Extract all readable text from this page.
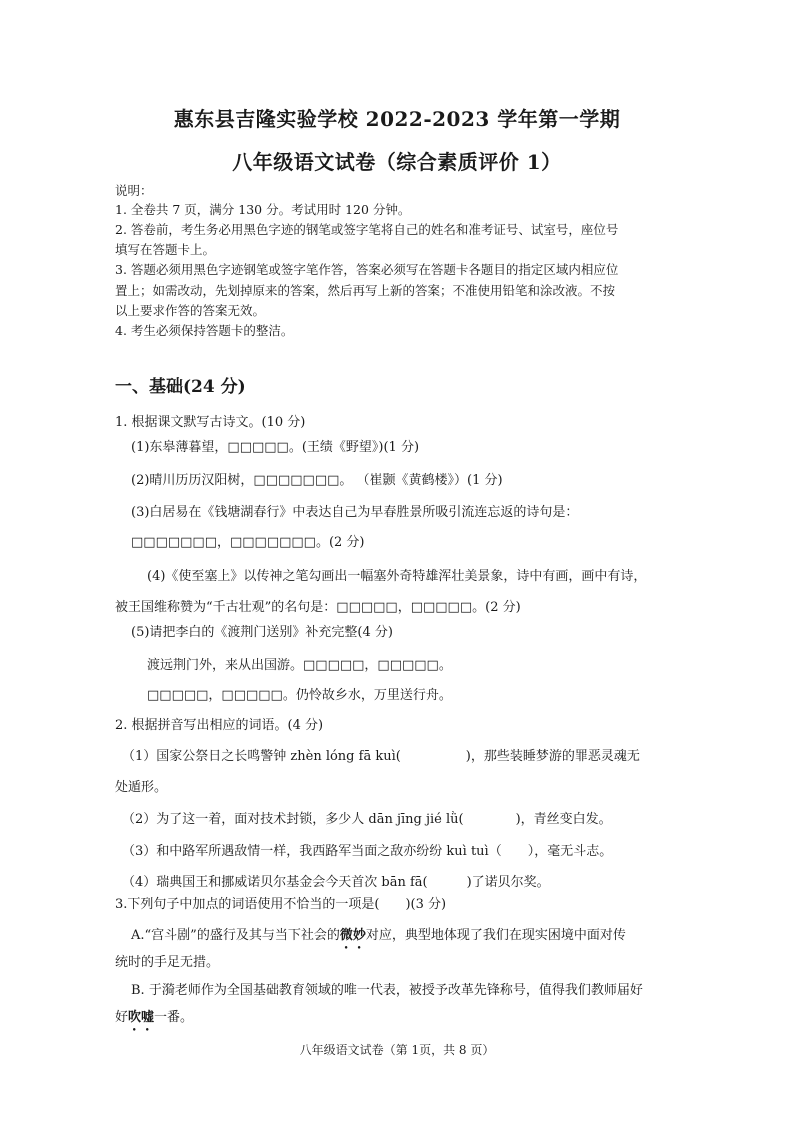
惠东县吉隆实验学校 2022-2023 学年第一学期
八年级语文试卷（综合素质评价 1）
说明：
1. 全卷共 7 页，满分 130 分。考试用时 120 分钟。
2. 答卷前，考生务必用黑色字迹的钢笔或签字笔将自己的姓名和准考证号、试室号，座位号
填写在答题卡上。
3. 答题必须用黑色字迹钢笔或签字笔作答，答案必须写在答题卡各题目的指定区域内相应位
置上；如需改动，先划掉原来的答案，然后再写上新的答案；不准使用铅笔和涂改液。不按
以上要求作答的答案无效。
4. 考生必须保持答题卡的整洁。
一、基础(24 分)
1. 根据课文默写古诗文。(10 分)
(1)东皋薄暮望，□□□□□。(王绩《野望》)(1 分)
(2)晴川历历汉阳树，□□□□□□□。 （崔颢《黄鹤楼》）(1 分)
(3)白居易在《钱塘湖春行》中表达自己为早春胜景所吸引流连忘返的诗句是：
□□□□□□□，□□□□□□□。(2 分)
(4)《使至塞上》以传神之笔勾画出一幅塞外奇特雄浑壮美景象，诗中有画，画中有诗，
被王国维称赞为“千古壮观”的名句是：□□□□□，□□□□□。(2 分)
(5)请把李白的《渡荆门送别》补充完整(4 分)
渡远荆门外，来从出国游。□□□□□，□□□□□。
□□□□□，□□□□□。仍怜故乡水，万里送行舟。
2. 根据拼音写出相应的词语。(4 分)
（1）国家公祭日之长鸣警钟 zhèn lóng fā kuì(　　　　　)，那些装睡梦游的罪恶灵魂无
处遁形。
（2）为了这一着，面对技术封锁，多少人 dān jīng jié lǜ(　　　　)，青丝变白发。
（3）和中路军所遇敌情一样，我西路军当面之敌亦纷纷 kuì tuì（　　），毫无斗志。
（4）瑞典国王和挪威诺贝尔基金会今天首次 bān fā(　　　)了诺贝尔奖。
3.下列句子中加点的词语使用不恰当的一项是(　　)(3 分)
A.“宫斗剧”的盛行及其与当下社会的微妙对应，典型地体现了我们在现实困境中面对传
统时的手足无措。
B. 于漪老师作为全国基础教育领域的唯一代表，被授予改革先锋称号，值得我们教师届好
好吹嘘一番。
八年级语文试卷（第 1页，共 8 页）
